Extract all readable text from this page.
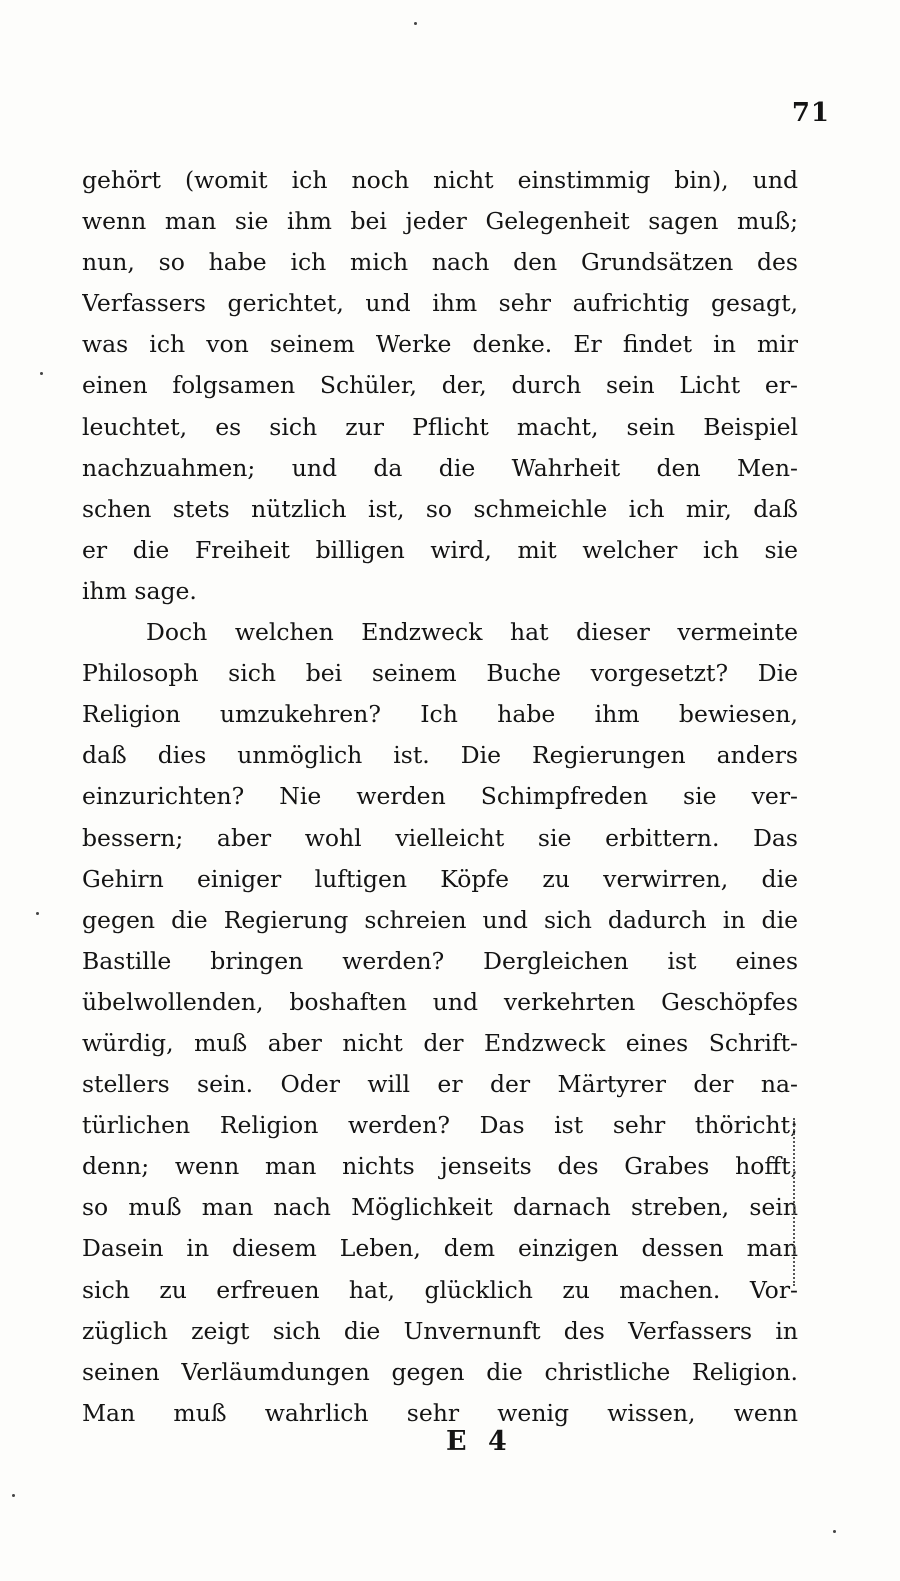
71
gehört (womit ich noch nicht einstimmig bin), und
wenn man sie ihm bei jeder Gelegenheit sagen muß;
nun, so habe ich mich nach den Grundsätzen des
Verfassers gerichtet, und ihm sehr aufrichtig gesagt,
was ich von seinem Werke denke. Er findet in mir
einen folgsamen Schüler, der, durch sein Licht er-
leuchtet, es sich zur Pflicht macht, sein Beispiel
nachzuahmen; und da die Wahrheit den Men-
schen stets nützlich ist, so schmeichle ich mir, daß
er die Freiheit billigen wird, mit welcher ich sie
ihm sage.
Doch welchen Endzweck hat dieser vermeinte
Philosoph sich bei seinem Buche vorgesetzt? Die
Religion umzukehren? Ich habe ihm bewiesen,
daß dies unmöglich ist. Die Regierungen anders
einzurichten? Nie werden Schimpfreden sie ver-
bessern; aber wohl vielleicht sie erbittern. Das
Gehirn einiger luftigen Köpfe zu verwirren, die
gegen die Regierung schreien und sich dadurch in die
Bastille bringen werden? Dergleichen ist eines
übelwollenden, boshaften und verkehrten Geschöpfes
würdig, muß aber nicht der Endzweck eines Schrift-
stellers sein. Oder will er der Märtyrer der na-
türlichen Religion werden? Das ist sehr thöricht;
denn; wenn man nichts jenseits des Grabes hofft,
so muß man nach Möglichkeit darnach streben, sein
Dasein in diesem Leben, dem einzigen dessen man
sich zu erfreuen hat, glücklich zu machen. Vor-
züglich zeigt sich die Unvernunft des Verfassers in
seinen Verläumdungen gegen die christliche Religion.
Man muß wahrlich sehr wenig wissen, wenn
E 4
